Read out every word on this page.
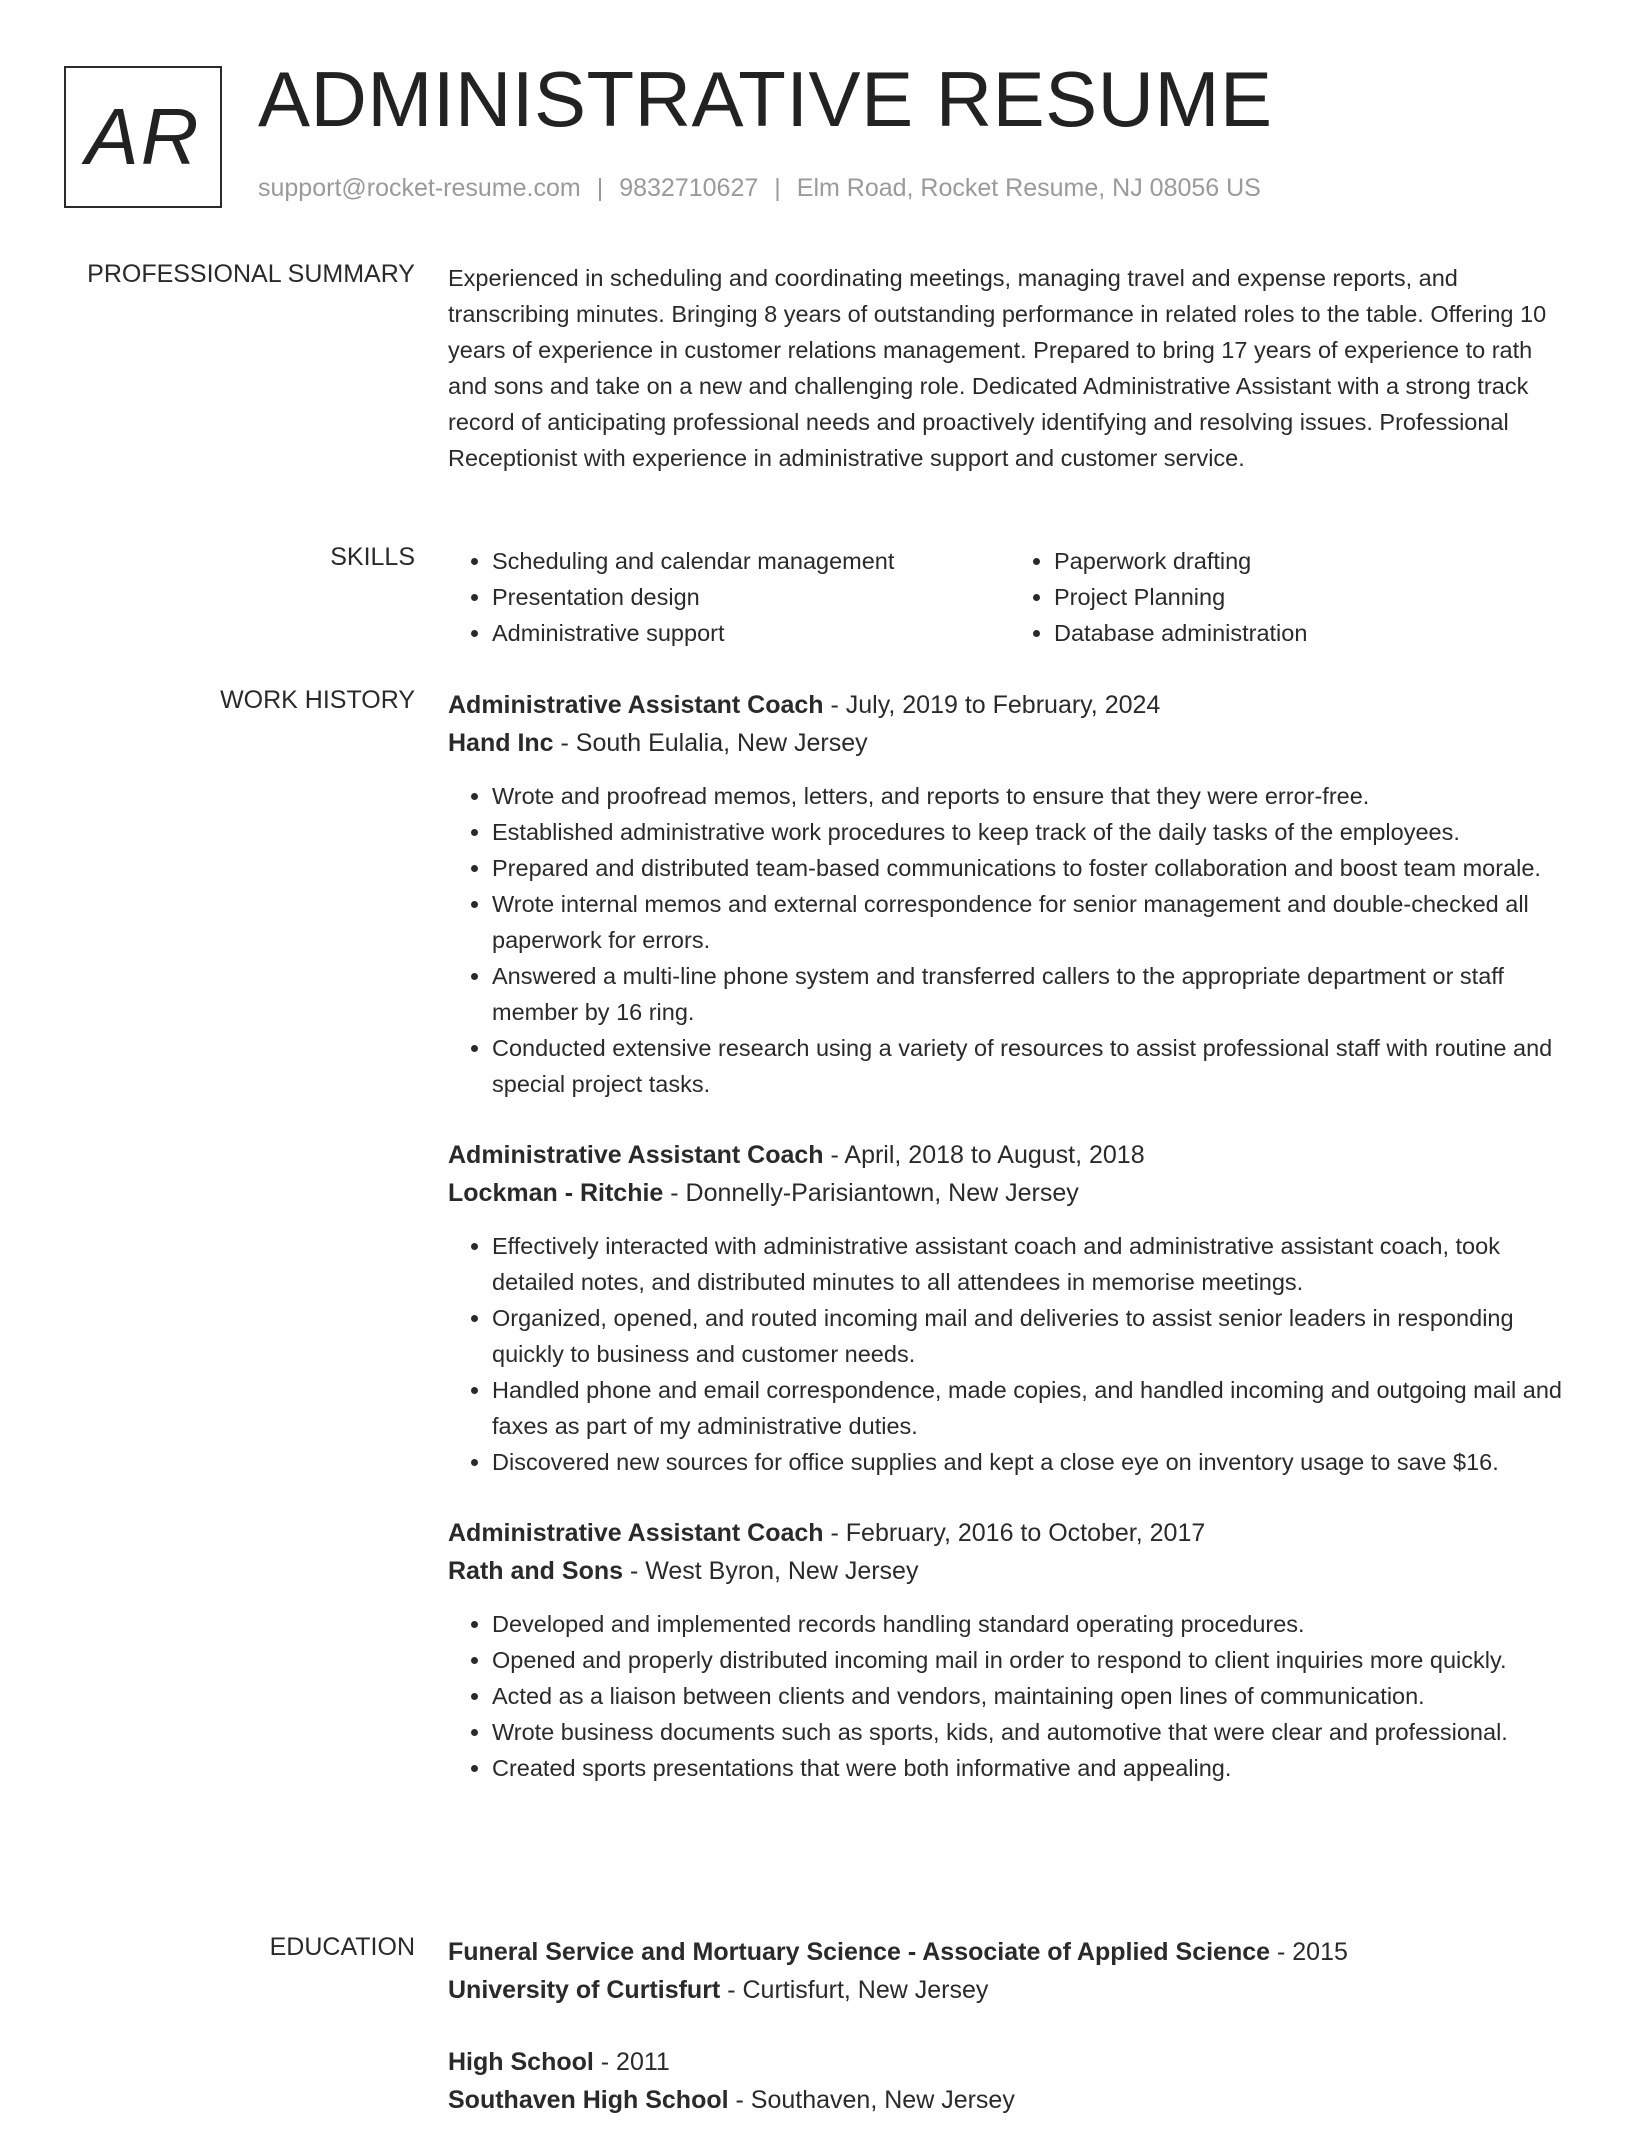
AR ADMINISTRATIVE RESUME
support@rocket-resume.com | 9832710627 | Elm Road, Rocket Resume, NJ 08056 US
PROFESSIONAL SUMMARY Experienced in scheduling and coordinating meetings, managing travel and expense reports, and transcribing minutes. Bringing 8 years of outstanding performance in related roles to the table. Offering 10 years of experience in customer relations management. Prepared to bring 17 years of experience to rath and sons and take on a new and challenging role. Dedicated Administrative Assistant with a strong track record of anticipating professional needs and proactively identifying and resolving issues. Professional Receptionist with experience in administrative support and customer service.

SKILLS
•	Scheduling and calendar management
• Presentation design
• Administrative support
• Paperwork drafting
• Project Planning
• Database administration
WORK HISTORY Administrative Assistant Coach - July, 2019 to February, 2024
Hand Inc - South Eulalia, New Jersey
• Wrote and proofread memos, letters, and reports to ensure that they were error-free.
• Established administrative work procedures to keep track of the daily tasks of the employees.
• Prepared and distributed team-based communications to foster collaboration and boost team morale.
• Wrote internal memos and external correspondence for senior management and double-checked all paperwork for errors.
• Answered a multi-line phone system and transferred callers to the appropriate department or staff member by 16 ring.
• Conducted extensive research using a variety of resources to assist professional staff with routine and special project tasks.
Administrative Assistant Coach - April, 2018 to August, 2018
Lockman - Ritchie - Donnelly-Parisiantown, New Jersey
• Effectively interacted with administrative assistant coach and administrative assistant coach, took detailed notes, and distributed minutes to all attendees in memorise meetings.
• Organized, opened, and routed incoming mail and deliveries to assist senior leaders in responding quickly to business and customer needs.
• Handled phone and email correspondence, made copies, and handled incoming and outgoing mail and faxes as part of my administrative duties.
• Discovered new sources for office supplies and kept a close eye on inventory usage to save $16.
Administrative Assistant Coach - February, 2016 to October, 2017
Rath and Sons - West Byron, New Jersey
• Developed and implemented records handling standard operating procedures.
• Opened and properly distributed incoming mail in order to respond to client inquiries more quickly.
• Acted as a liaison between clients and vendors, maintaining open lines of communication.
• Wrote business documents such as sports, kids, and automotive that were clear and professional.
• Created sports presentations that were both informative and appealing.
EDUCATION Funeral Service and Mortuary Science - Associate of Applied Science - 2015
University of Curtisfurt - Curtisfurt, New Jersey
High School - 2011
Southaven High School - Southaven, New Jersey
